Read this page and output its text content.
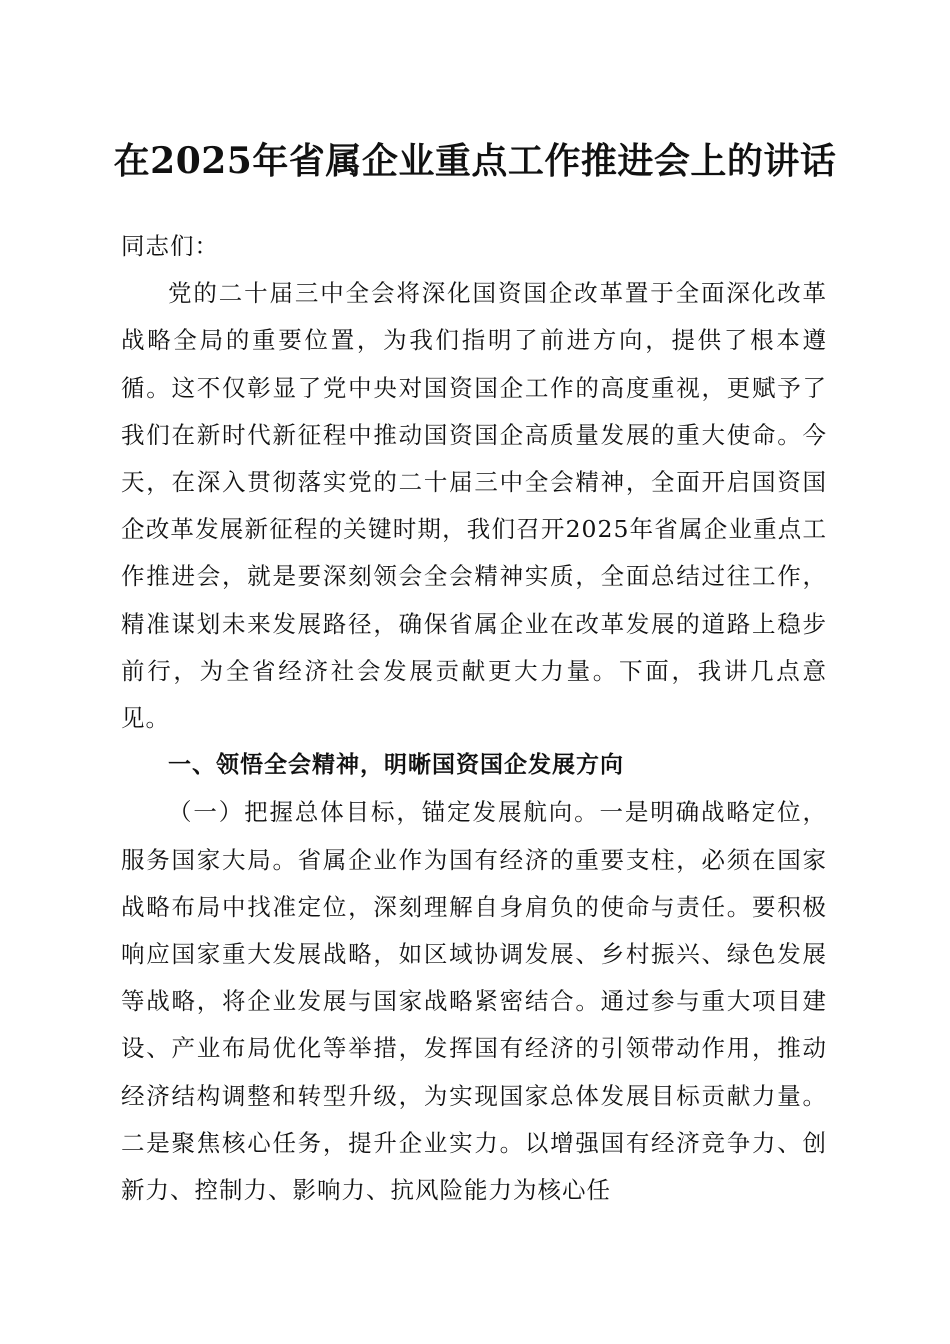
在2025年省属企业重点工作推进会上的讲话

同志们：

党的二十届三中全会将深化国资国企改革置于全面深化改革战略全局的重要位置，为我们指明了前进方向，提供了根本遵循。这不仅彰显了党中央对国资国企工作的高度重视，更赋予了我们在新时代新征程中推动国资国企高质量发展的重大使命。今天，在深入贯彻落实党的二十届三中全会精神，全面开启国资国企改革发展新征程的关键时期，我们召开2025年省属企业重点工作推进会，就是要深刻领会全会精神实质，全面总结过往工作，精准谋划未来发展路径，确保省属企业在改革发展的道路上稳步前行，为全省经济社会发展贡献更大力量。下面，我讲几点意见。

一、领悟全会精神，明晰国资国企发展方向

（一）把握总体目标，锚定发展航向。一是明确战略定位，服务国家大局。省属企业作为国有经济的重要支柱，必须在国家战略布局中找准定位，深刻理解自身肩负的使命与责任。要积极响应国家重大发展战略，如区域协调发展、乡村振兴、绿色发展等战略，将企业发展与国家战略紧密结合。通过参与重大项目建设、产业布局优化等举措，发挥国有经济的引领带动作用，推动经济结构调整和转型升级，为实现国家总体发展目标贡献力量。二是聚焦核心任务，提升企业实力。以增强国有经济竞争力、创新力、控制力、影响力、抗风险能力为核心任
